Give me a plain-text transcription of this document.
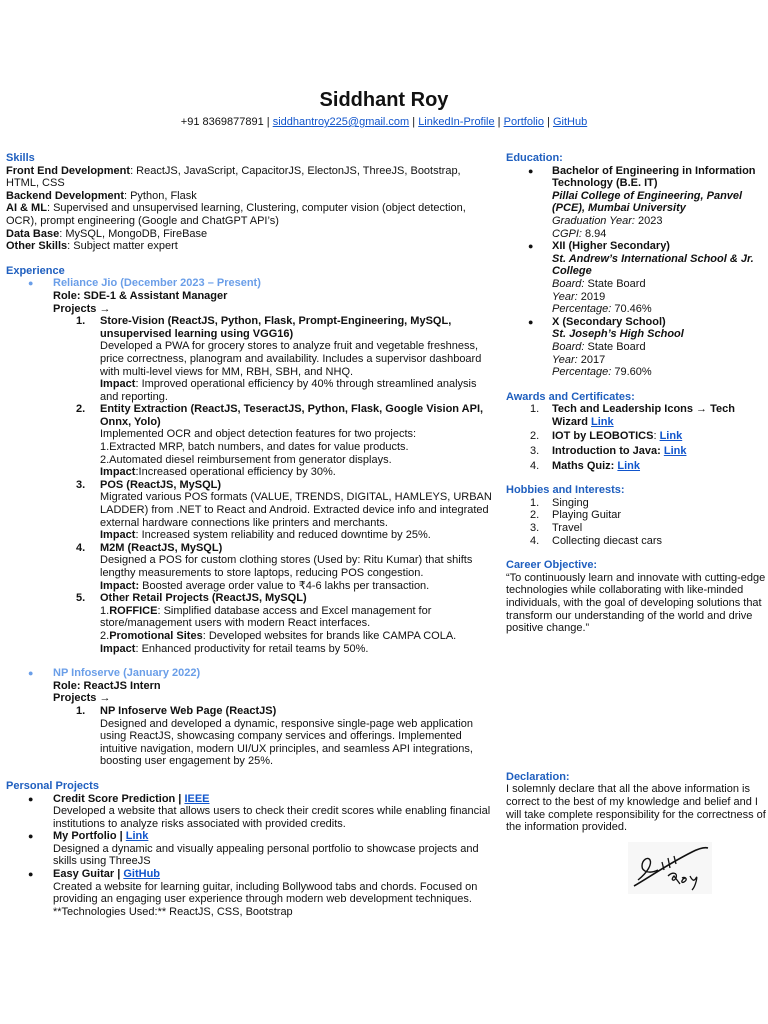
Siddhant Roy
+91 8369877891 | siddhantroy225@gmail.com | LinkedIn-Profile | Portfolio | GitHub
Skills
Front End Development: ReactJS, JavaScript, CapacitorJS, ElectonJS, ThreeJS, Bootstrap, HTML, CSS
Backend Development: Python, Flask
AI & ML: Supervised and unsupervised learning, Clustering, computer vision (object detection, OCR), prompt engineering (Google and ChatGPT API’s)
Data Base: MySQL, MongoDB, FireBase
Other Skills: Subject matter expert
Experience
● Reliance Jio (December 2023 – Present)
Role: SDE-1 & Assistant Manager
Projects →
1. Store-Vision (ReactJS, Python, Flask, Prompt-Engineering, MySQL, unsupervised learning using VGG16)
Developed a PWA for grocery stores to analyze fruit and vegetable freshness, price correctness, planogram and availability. Includes a supervisor dashboard with multi-level views for MM, RBH, SBH, and NHQ.
Impact: Improved operational efficiency by 40% through streamlined analysis and reporting.
2. Entity Extraction (ReactJS, TeseractJS, Python, Flask, Google Vision API, Onnx, Yolo)
Implemented OCR and object detection features for two projects:
1.Extracted MRP, batch numbers, and dates for value products.
2.Automated diesel reimbursement from generator displays.
Impact:Increased operational efficiency by 30%.
3. POS (ReactJS, MySQL)
Migrated various POS formats (VALUE, TRENDS, DIGITAL, HAMLEYS, URBAN LADDER) from .NET to React and Android. Extracted device info and integrated external hardware connections like printers and merchants.
Impact: Increased system reliability and reduced downtime by 25%.
4. M2M (ReactJS, MySQL)
Designed a POS for custom clothing stores (Used by: Ritu Kumar) that shifts lengthy measurements to store laptops, reducing POS congestion.
Impact: Boosted average order value to ₹4-6 lakhs per transaction.
5. Other Retail Projects (ReactJS, MySQL)
1.ROFFICE: Simplified database access and Excel management for store/management users with modern React interfaces.
2.Promotional Sites: Developed websites for brands like CAMPA COLA.
Impact: Enhanced productivity for retail teams by 50%.
● NP Infoserve (January 2022)
Role: ReactJS Intern
Projects →
1. NP Infoserve Web Page (ReactJS)
Designed and developed a dynamic, responsive single-page web application using ReactJS, showcasing company services and offerings. Implemented intuitive navigation, modern UI/UX principles, and seamless API integrations, boosting user engagement by 25%.
Personal Projects
● Credit Score Prediction | IEEE
Developed a website that allows users to check their credit scores while enabling financial institutions to analyze risks associated with provided credits.
● My Portfolio | Link
Designed a dynamic and visually appealing personal portfolio to showcase projects and skills using ThreeJS
● Easy Guitar | GitHub
Created a website for learning guitar, including Bollywood tabs and chords. Focused on providing an engaging user experience through modern web development techniques. **Technologies Used:** ReactJS, CSS, Bootstrap
Education:
● Bachelor of Engineering in Information Technology (B.E. IT)
Pillai College of Engineering, Panvel (PCE), Mumbai University
Graduation Year: 2023
CGPI: 8.94
● XII (Higher Secondary)
St. Andrew’s International School & Jr. College
Board: State Board
Year: 2019
Percentage: 70.46%
● X (Secondary School)
St. Joseph’s High School
Board: State Board
Year: 2017
Percentage: 79.60%
Awards and Certificates:
1. Tech and Leadership Icons → Tech Wizard Link
2. IOT by LEOBOTICS: Link
3. Introduction to Java: Link
4. Maths Quiz: Link
Hobbies and Interests:
1. Singing
2. Playing Guitar
3. Travel
4. Collecting diecast cars
Career Objective:
“To continuously learn and innovate with cutting-edge technologies while collaborating with like-minded individuals, with the goal of developing solutions that transform our understanding of the world and drive positive change.”
Declaration:
I solemnly declare that all the above information is correct to the best of my knowledge and belief and I will take complete responsibility for the correctness of the information provided.
